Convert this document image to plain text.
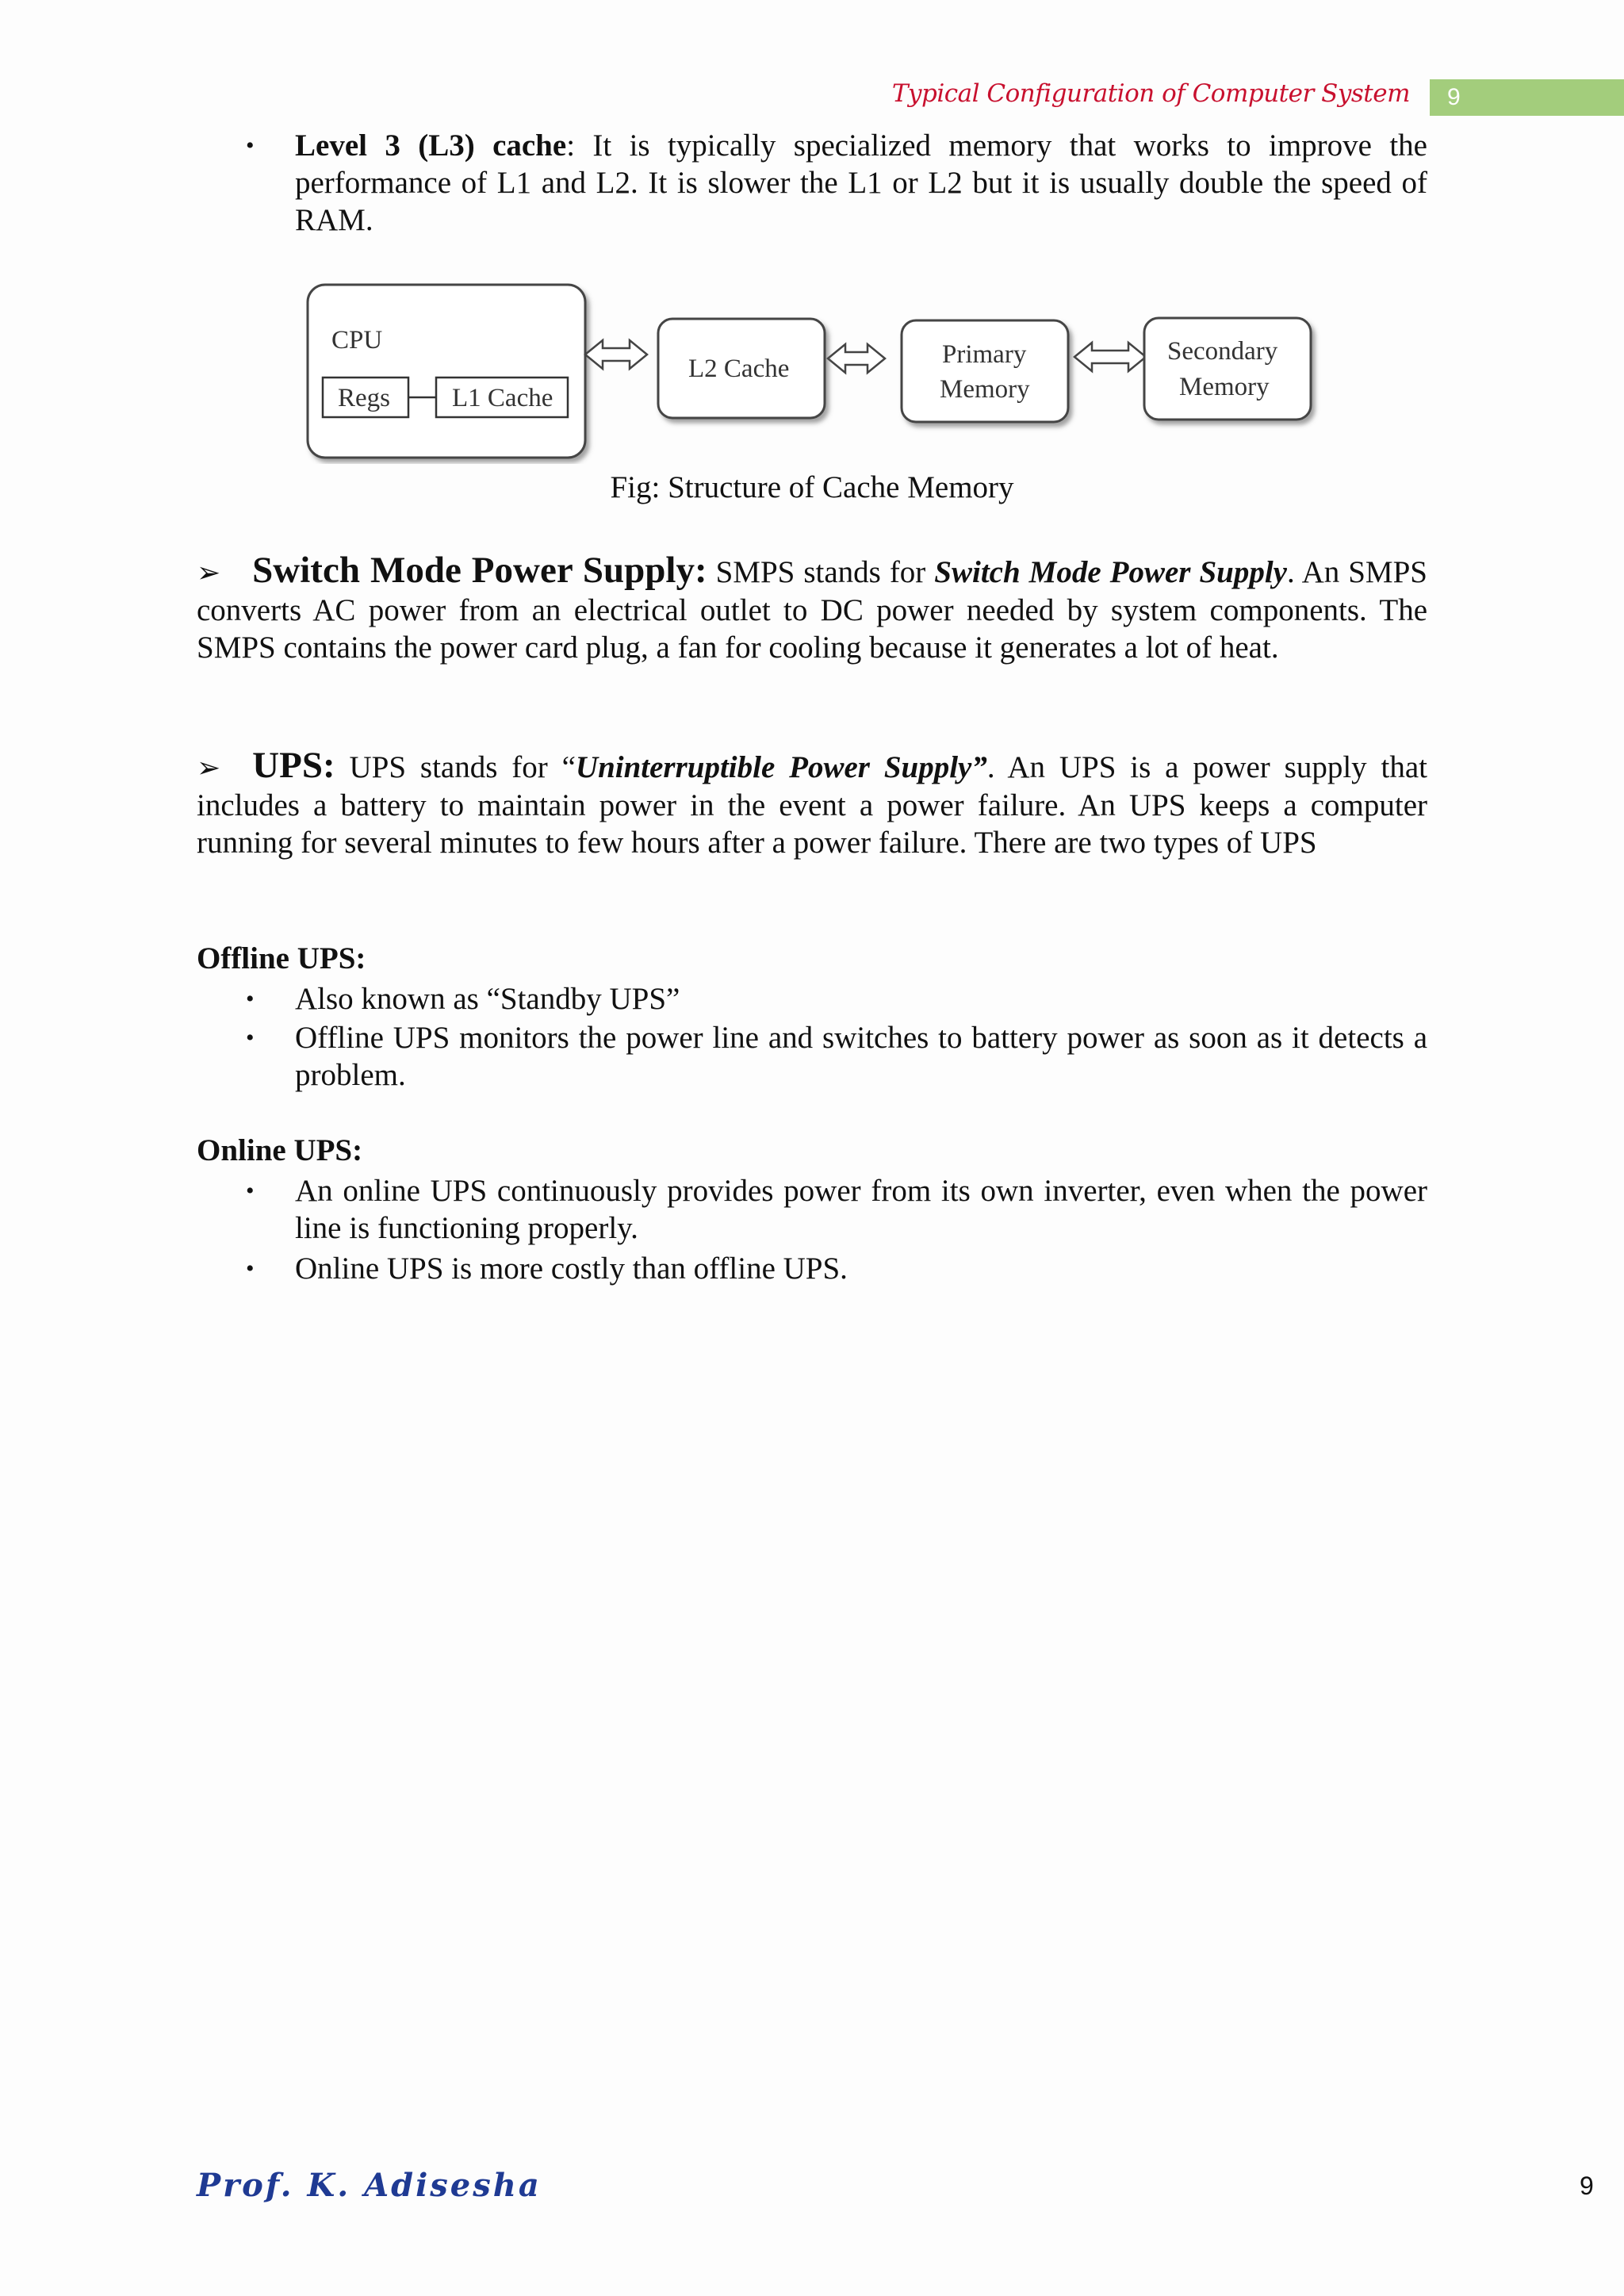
Typical Configuration of Computer System	9
• Level 3 (L3) cache: It is typically specialized memory that works to improve the performance of L1 and L2. It is slower the L1 or L2 but it is usually double the speed of RAM.
CPU
Regs L1 Cache
L2 Cache	Primary
Memory
Secondary
Memory
Fig: Structure of Cache Memory
➢ Switch Mode Power Supply: SMPS stands for Switch Mode Power Supply. An SMPS converts AC power from an electrical outlet to DC power needed by system components. The SMPS contains the power card plug, a fan for cooling because it generates a lot of heat.
➢ UPS: UPS stands for “Uninterruptible Power Supply”. An UPS is a power supply that includes a battery to maintain power in the event a power failure. An UPS keeps a computer running for several minutes to few hours after a power failure. There are two types of UPS
Offline UPS:
• Also known as “Standby UPS”
• Offline UPS monitors the power line and switches to battery power as soon as it detects a problem.
Online UPS:
• An online UPS continuously provides power from its own inverter, even when the power line is functioning properly.
• Online UPS is more costly than offline UPS.
Prof. K. Adisesha	9
